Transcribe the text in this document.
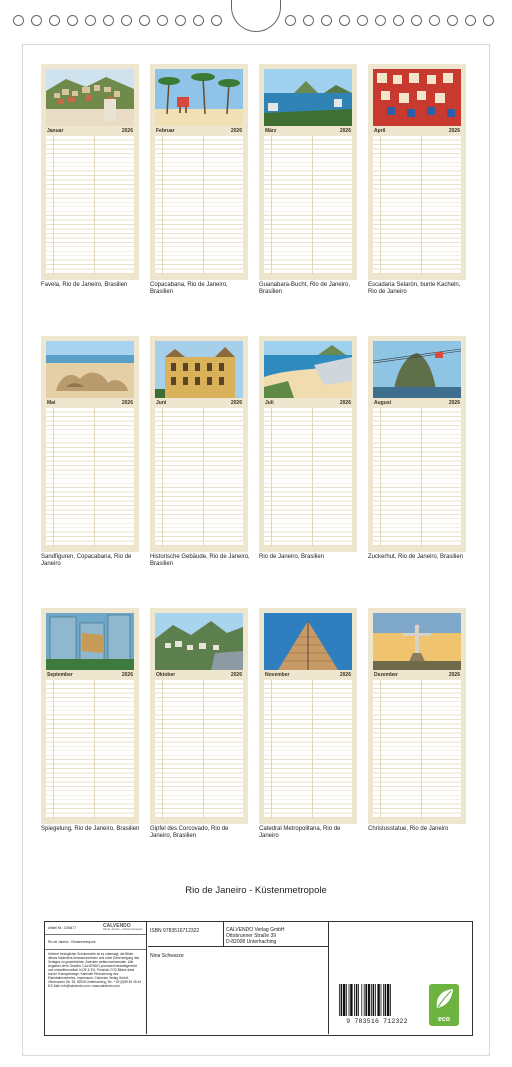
Januar	2026
Favela, Rio de Janeiro, Brasilien
Februar	2026
Copacabana, Rio de Janeiro, Brasilien
März	2026
Guanabara-Bucht, Rio de Janeiro, Brasilien
April	2026
Escadaria Selarón, bunte Kacheln, Rio de Janeiro
Mai	2026
Sandfiguren, Copacabana, Rio de Janeiro
Juni	2026
Historische Gebäude, Rio de Janeiro, Brasilien
Juli	2026
Rio de Janeiro, Brasilien
August	2026
Zuckerhut, Rio de Janeiro, Brasilien
September	2026
Spiegelung, Rio de Janeiro, Brasilien
Oktober	2026
Gipfel des Corcovado, Rio de Janeiro, Brasilien
November	2026
Catedral Metropolitana, Rio de Janeiro
Dezember	2026
Christusstatue, Rio de Janeiro
Rio de Janeiro - Küstenmetropole
Artikel Nr.: 2196477	CALVENDO
Rio de Janeiro – Küstenmetropole
Rio de Janeiro - Küstenmetropole
Irrtümer bezüglicher Schutzrechte ist es untersagt, die Bilder dieses Kalenders herauszunehmen und ohne Genehmigung des Verlages zu gewerblichen Zwecken weiterzuverwenden. Alle Angaben ohne Gewähr. CALVENDO produziert bedarfsgerecht und umweltfreundlich in DE & EU. Preisinfo CO2-Bilanz dank kurzer Transportwege. Kalender Reduzierung des Eisenbahnverkehrs. Impressum: Calvendo Verlag GmbH, Ottobrunner Str. 39, 82008 Unterhaching, Tel.: +49 (0)89 45 45 44 8 E-Mail: info@calvendo.com • www.calvendo.com
ISBN 9783516712322	CALVENDO Verlag GmbH
Ottobrunner Straße 39
D-82008 Unterhaching
Nina Schwarze
9 783516 712322	eco
